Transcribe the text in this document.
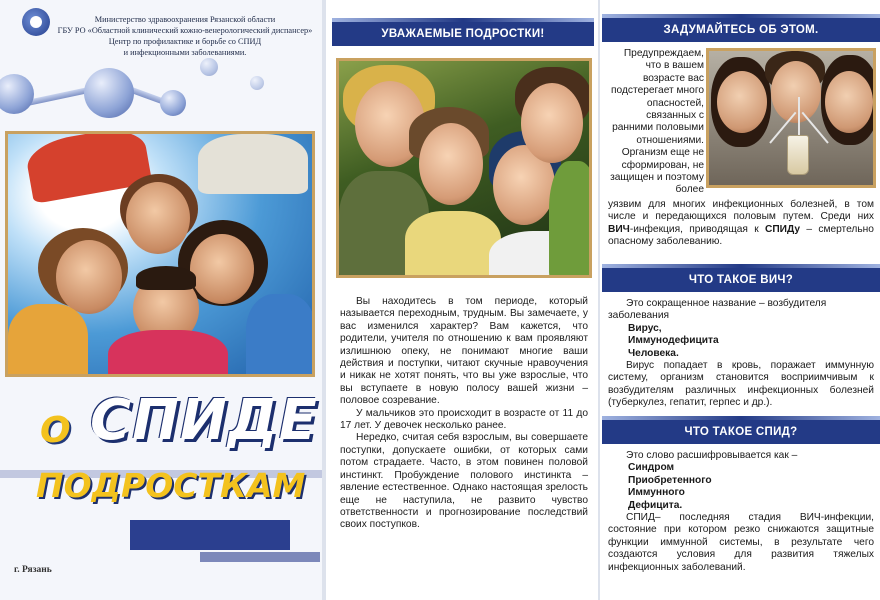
Министерство здравоохранения Рязанской области
ГБУ РО «Областной клинический кожно-венерологический диспансер»
Центр по профилактике и борьбе со СПИД
и инфекционными заболеваниями.
О СПИДЕ
ПОДРОСТКАМ
г. Рязань
УВАЖАЕМЫЕ ПОДРОСТКИ!

Вы находитесь в том периоде, который называется переходным, трудным. Вы замечаете, у вас изменился характер? Вам кажется, что родители, учителя по отношению к вам проявляют излишнюю опеку, не понимают многие ваши действия и поступки, читают скучные нравоучения и никак не хотят понять, что вы уже взрослые, что вы вступаете в новую полосу вашей жизни – половое созревание.

У мальчиков это происходит в возрасте от 11 до 17 лет. У девочек несколько ранее.

Нередко, считая себя взрослым, вы совершаете поступки, допускаете ошибки, от которых сами потом страдаете. Часто, в этом повинен половой инстинкт. Пробуждение полового инстинкта – явление естественное. Однако настоящая зрелость еще не наступила, не развито чувство ответственности и прогнозирование последствий своих поступков.

ЗАДУМАЙТЕСЬ ОБ ЭТОМ.
Предупреждаем, что в вашем возрасте вас подстерегает много опасностей, связанных с ранними половыми отношениями. Организм еще не сформирован, не защищен и поэтому более
уязвим для многих инфекционных болезней, в том числе и передающихся половым путем. Среди них ВИЧ-инфекция, приводящая к СПИДу – смертельно опасному заболеванию.
ЧТО ТАКОЕ ВИЧ?
Это сокращенное название – возбудителя заболевания
Вирус,
Иммунодефицита
Человека.
Вирус попадает в кровь, поражает иммунную систему, организм становится восприимчивым к возбудителям различных инфекционных болезней (туберкулез, гепатит, герпес и др.).
ЧТО ТАКОЕ СПИД?
Это слово расшифровывается как –
Синдром
Приобретенного
Иммунного
Дефицита.
СПИД– последняя стадия ВИЧ-инфекции, состояние при котором резко снижаются защитные функции иммунной системы, в результате чего создаются условия для развития тяжелых инфекционных заболеваний.
